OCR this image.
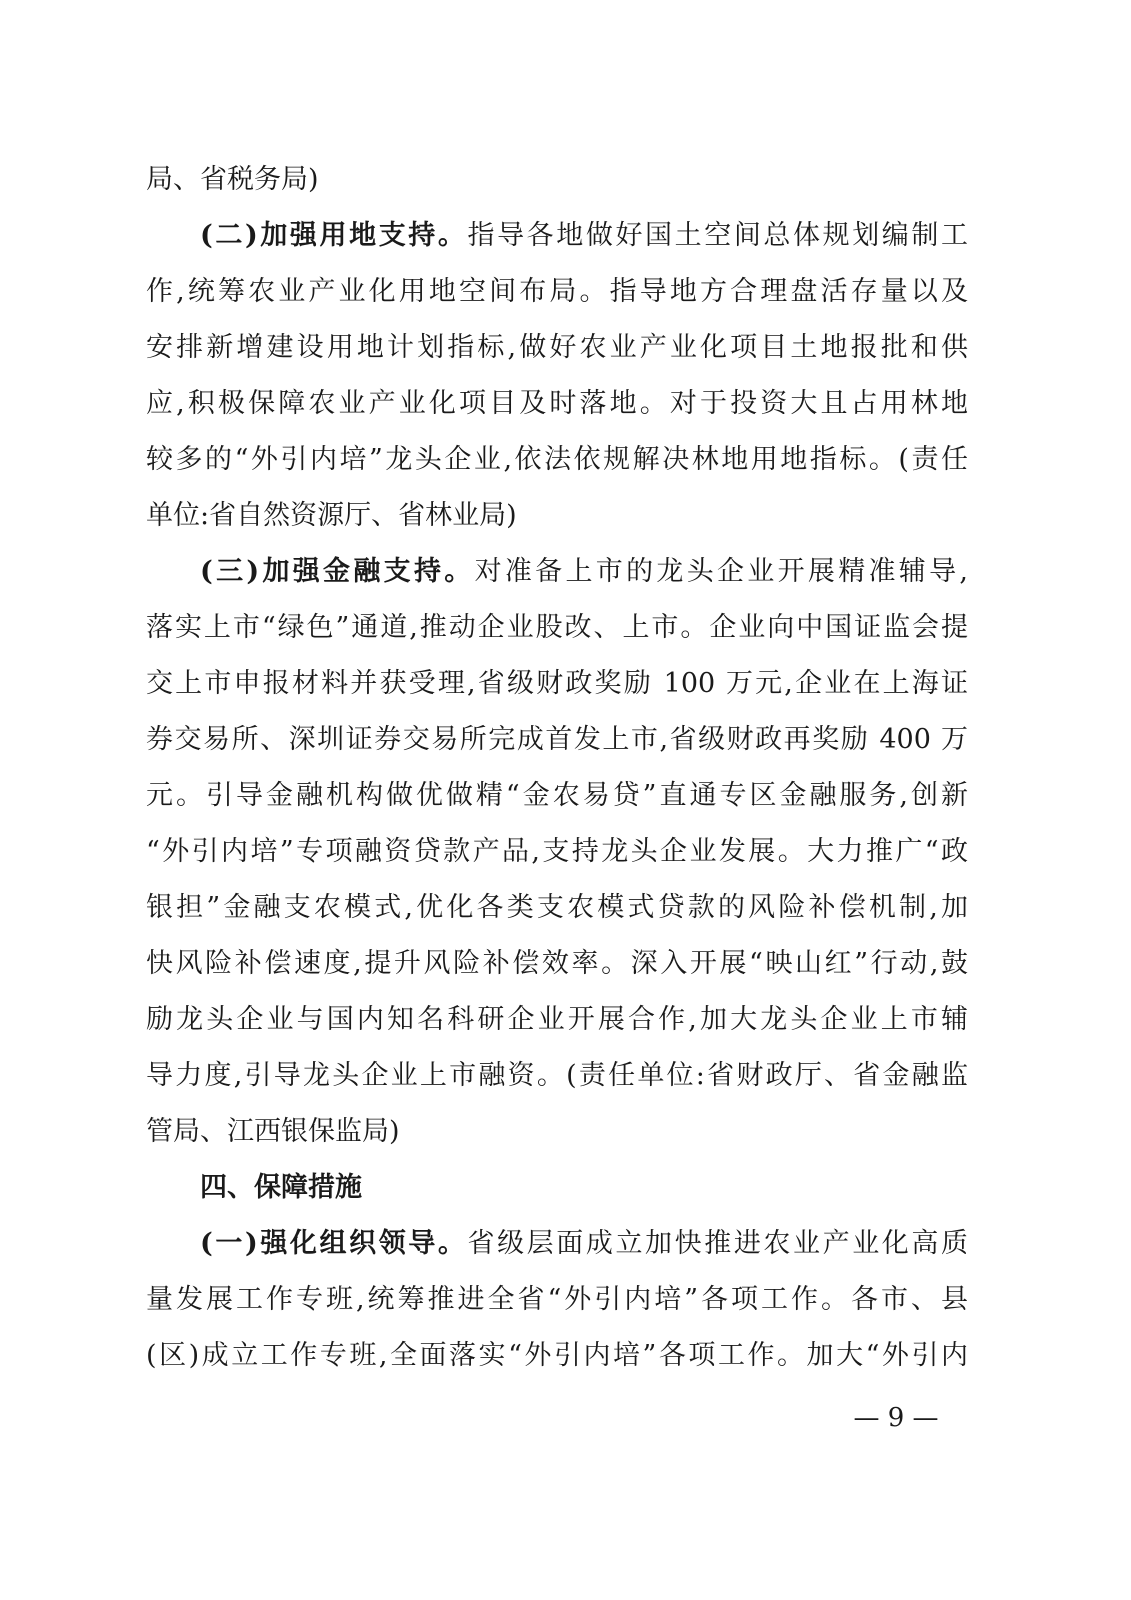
局、省税务局)
(二)加强用地支持。指导各地做好国土空间总体规划编制工
作,统筹农业产业化用地空间布局。指导地方合理盘活存量以及
安排新增建设用地计划指标,做好农业产业化项目土地报批和供
应,积极保障农业产业化项目及时落地。对于投资大且占用林地
较多的“外引内培”龙头企业,依法依规解决林地用地指标。(责任
单位:省自然资源厅、省林业局)
(三)加强金融支持。对准备上市的龙头企业开展精准辅导,
落实上市“绿色”通道,推动企业股改、上市。企业向中国证监会提
交上市申报材料并获受理,省级财政奖励 100 万元,企业在上海证
券交易所、深圳证券交易所完成首发上市,省级财政再奖励 400 万
元。引导金融机构做优做精“金农易贷”直通专区金融服务,创新
“外引内培”专项融资贷款产品,支持龙头企业发展。大力推广“政
银担”金融支农模式,优化各类支农模式贷款的风险补偿机制,加
快风险补偿速度,提升风险补偿效率。深入开展“映山红”行动,鼓
励龙头企业与国内知名科研企业开展合作,加大龙头企业上市辅
导力度,引导龙头企业上市融资。(责任单位:省财政厅、省金融监
管局、江西银保监局)
四、保障措施
(一)强化组织领导。省级层面成立加快推进农业产业化高质
量发展工作专班,统筹推进全省“外引内培”各项工作。各市、县
(区)成立工作专班,全面落实“外引内培”各项工作。加大“外引内
— 9 —
